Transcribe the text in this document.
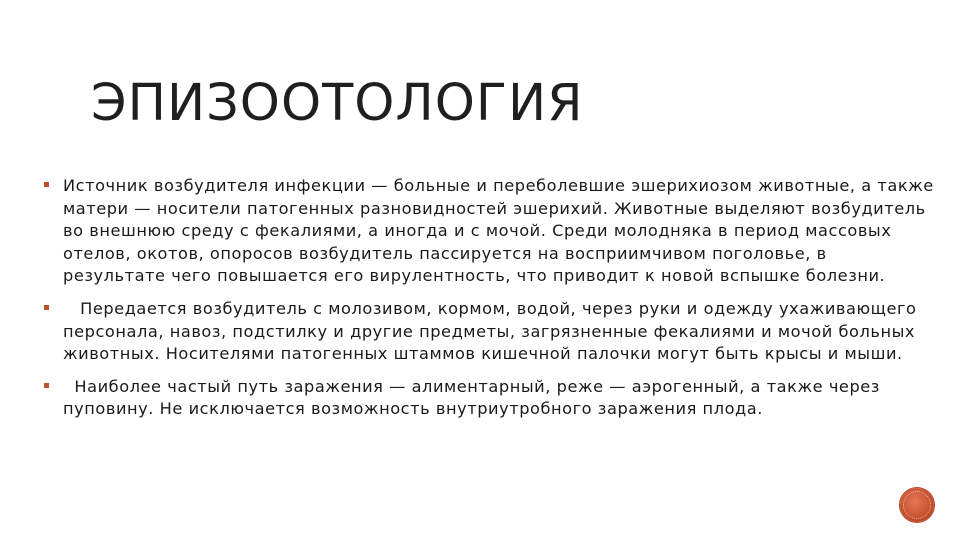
ЭПИЗООТОЛОГИЯ
Источник возбудителя инфекции — больные и переболевшие эшерихиозом животные, а также матери — носители патогенных разновидностей эшерихий. Животные выделяют возбудитель во внешнюю среду с фекалиями, а иногда и с мочой. Среди молодняка в период массовых отелов, окотов, опоросов возбудитель пассируется на восприимчивом поголовье, в результате чего повышается его вирулентность, что приводит к новой вспышке болезни.
Передается возбудитель с молозивом, кормом, водой, через руки и одежду ухаживающего персонала, навоз, подстилку и другие предметы, загрязненные фекалиями и мочой больных животных. Носителями патогенных штаммов кишечной палочки могут быть крысы и мыши.
Наиболее частый путь заражения — алиментарный, реже — аэрогенный, а также через пуповину. Не исключается возможность внутриутробного заражения плода.
